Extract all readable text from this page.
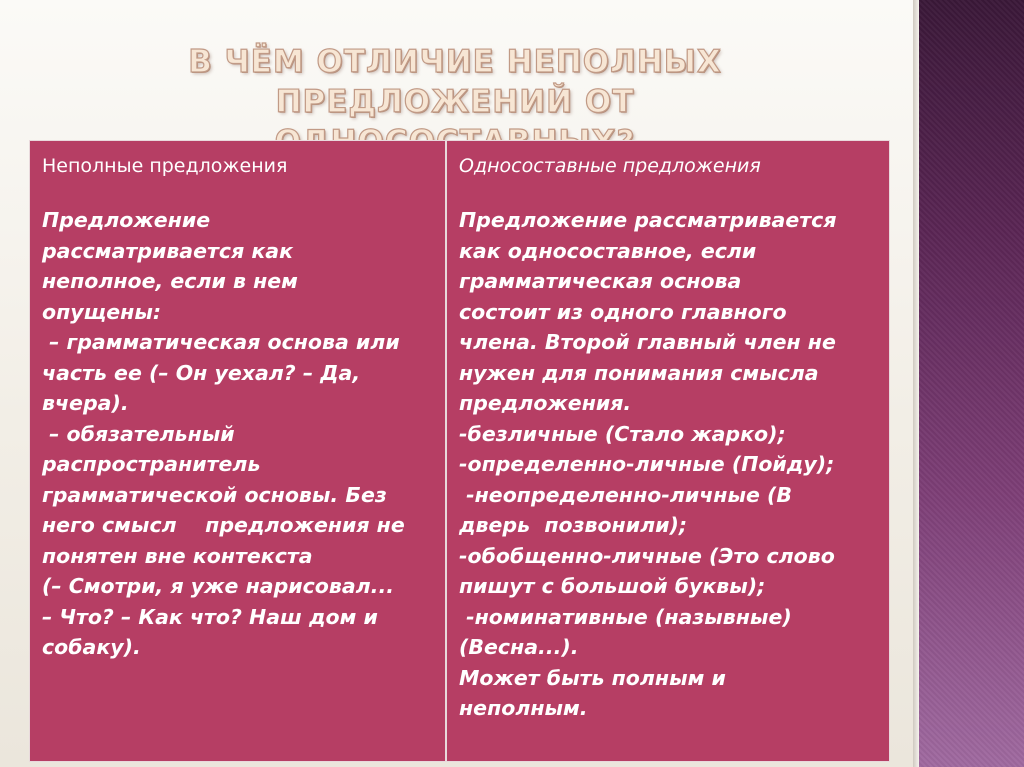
В ЧЁМ ОТЛИЧИЕ НЕПОЛНЫХ ПРЕДЛОЖЕНИЙ ОТ

Неполные предложения
Предложение
рассматривается как
неполное, если в нем
опущены:
– грамматическая основа или
часть ее (– Он уехал? – Да,
вчера).
– обязательный
распространитель
грамматической основы. Без
него смысл    предложения не
понятен вне контекста
(– Смотри, я уже нарисовал...
– Что? – Как что? Наш дом и
собаку).
Односоставные предложения
Предложение рассматривается
как односоставное, если
грамматическая основа
состоит из одного главного
члена. Второй главный член не
нужен для понимания смысла
предложения.
-безличные (Стало жарко);
-определенно-личные (Пойду);
-неопределенно-личные (В
дверь  позвонили);
-обобщенно-личные (Это слово
пишут с большой буквы);
-номинативные (назывные)
(Весна...).
Может быть полным и
неполным.
